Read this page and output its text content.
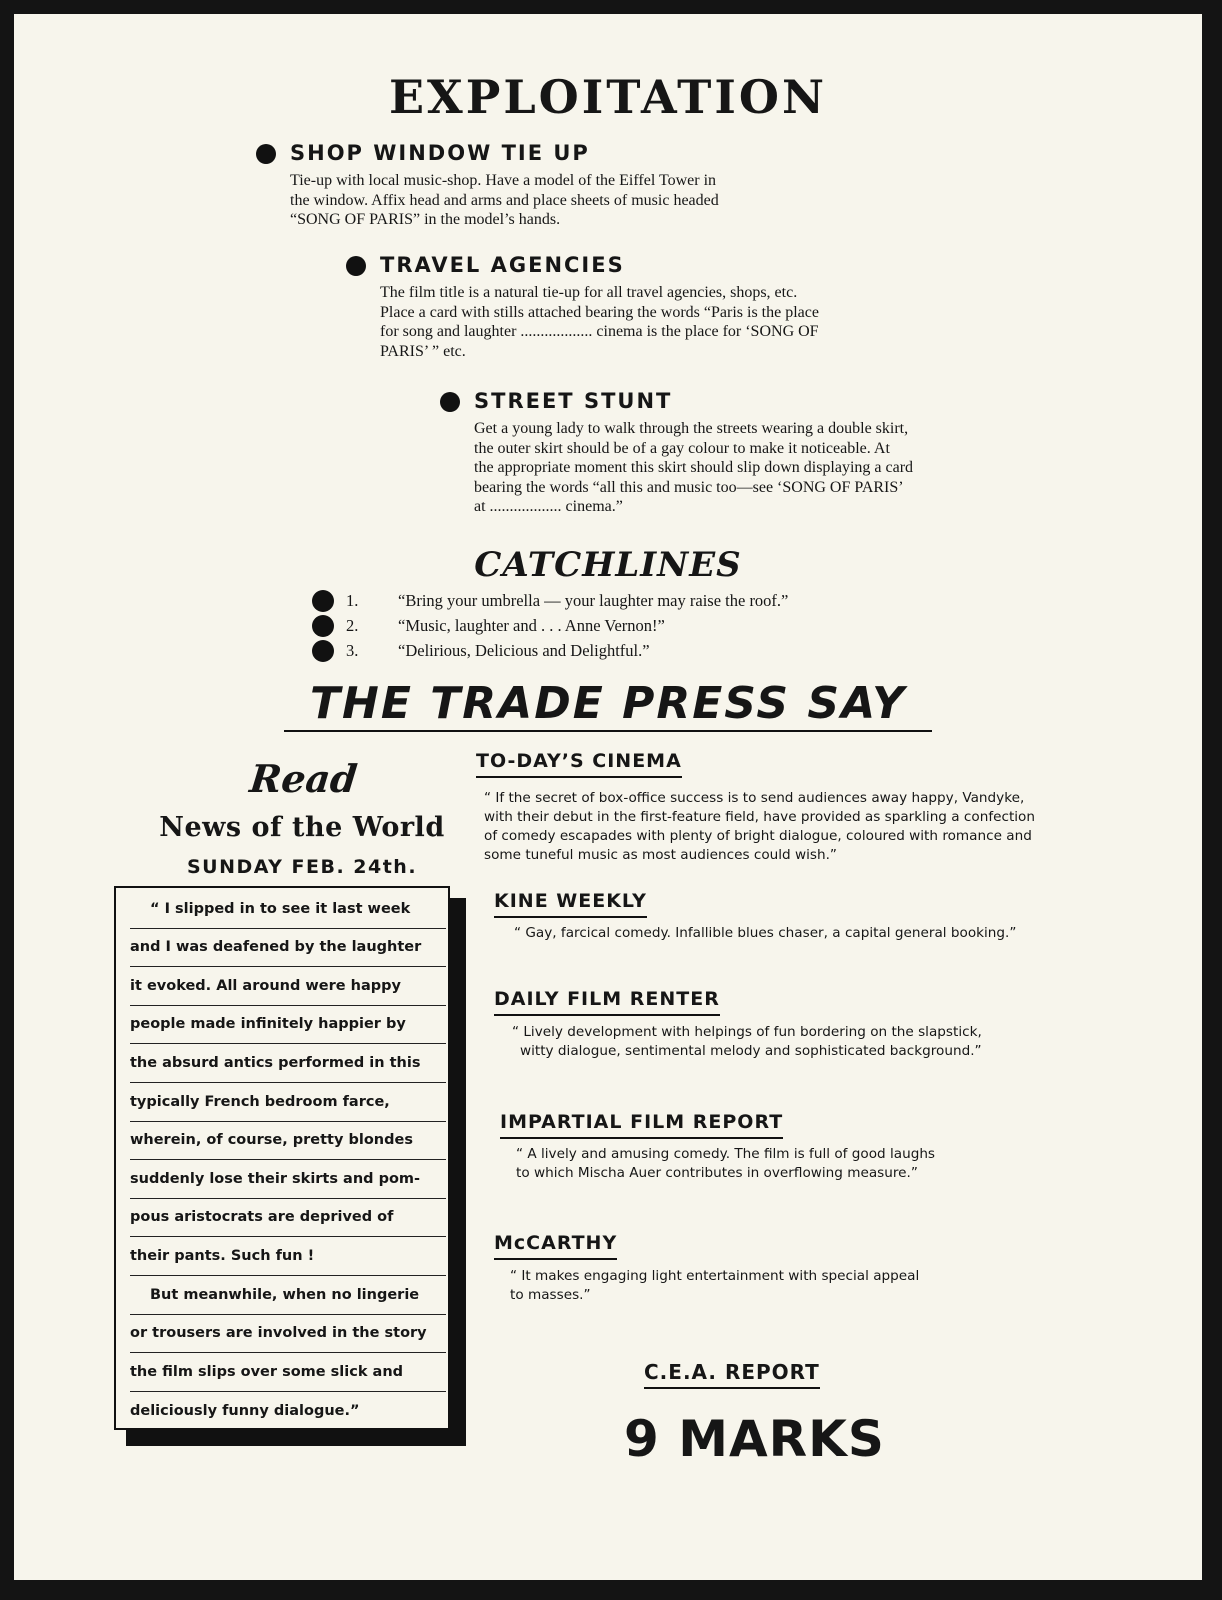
EXPLOITATION
SHOP WINDOW TIE UP

Tie-up with local music-shop. Have a model of the Eiffel Tower in

the window. Affix head and arms and place sheets of music headed

“SONG OF PARIS” in the model’s hands.

TRAVEL AGENCIES

The film title is a natural tie-up for all travel agencies, shops, etc.

Place a card with stills attached bearing the words “Paris is the place

for song and laughter .................. cinema is the place for ‘SONG OF

PARIS’ ” etc.

STREET STUNT

Get a young lady to walk through the streets wearing a double skirt,

the outer skirt should be of a gay colour to make it noticeable. At

the appropriate moment this skirt should slip down displaying a card

bearing the words “all this and music too—see ‘SONG OF PARIS’

at .................. cinema.”

CATCHLINES
1.	“Bring your umbrella — your laughter may raise the roof.”
2.	“Music, laughter and . . . Anne Vernon!”
3.	“Delirious, Delicious and Delightful.”
THE TRADE PRESS SAY
Read
News of the World
SUNDAY FEB. 24th.
“ I slipped in to see it last week
and I was deafened by the laughter
it evoked. All around were happy
people made infinitely happier by
the absurd antics performed in this
typically French bedroom farce,
wherein, of course, pretty blondes
suddenly lose their skirts and pom-
pous aristocrats are deprived of
their pants. Such fun !
But meanwhile, when no lingerie
or trousers are involved in the story
the film slips over some slick and
deliciously funny dialogue.”
TO-DAY’S CINEMA

“ If the secret of box-office success is to send audiences away happy, Vandyke,

with their debut in the first-feature field, have provided as sparkling a confection

of comedy escapades with plenty of bright dialogue, coloured with romance and

some tuneful music as most audiences could wish.”

KINE WEEKLY

“ Gay, farcical comedy. Infallible blues chaser, a capital general booking.”

DAILY FILM RENTER

“ Lively development with helpings of fun bordering on the slapstick,

witty dialogue, sentimental melody and sophisticated background.”

IMPARTIAL FILM REPORT

“ A lively and amusing comedy. The film is full of good laughs

to which Mischa Auer contributes in overflowing measure.”

McCARTHY

“ It makes engaging light entertainment with special appeal

to masses.”

C.E.A. REPORT
9 MARKS
